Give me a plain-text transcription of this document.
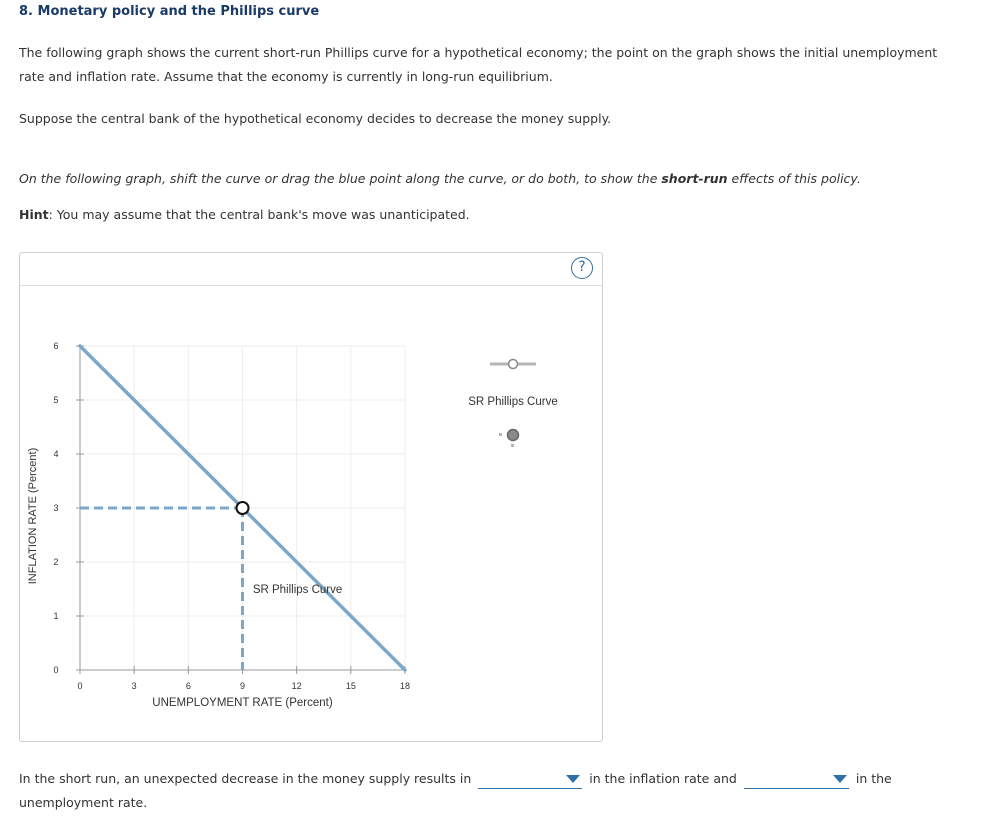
8. Monetary policy and the Phillips curve

The following graph shows the current short-run Phillips curve for a hypothetical economy; the point on the graph shows the initial unemployment rate and inflation rate. Assume that the economy is currently in long-run equilibrium.

Suppose the central bank of the hypothetical economy decides to decrease the money supply.

On the following graph, shift the curve or drag the blue point along the curve, or do both, to show the short-run effects of this policy.

Hint: You may assume that the central bank's move was unanticipated.

?
0	3	6	9	12	15	18
0
1
2
3
4
5
6
UNEMPLOYMENT RATE (Percent)
INFLATION RATE (Percent)
SR Phillips Curve
SR Phillips Curve

In the short run, an unexpected decrease in the money supply results in	in the inflation rate and	in the unemployment rate.
